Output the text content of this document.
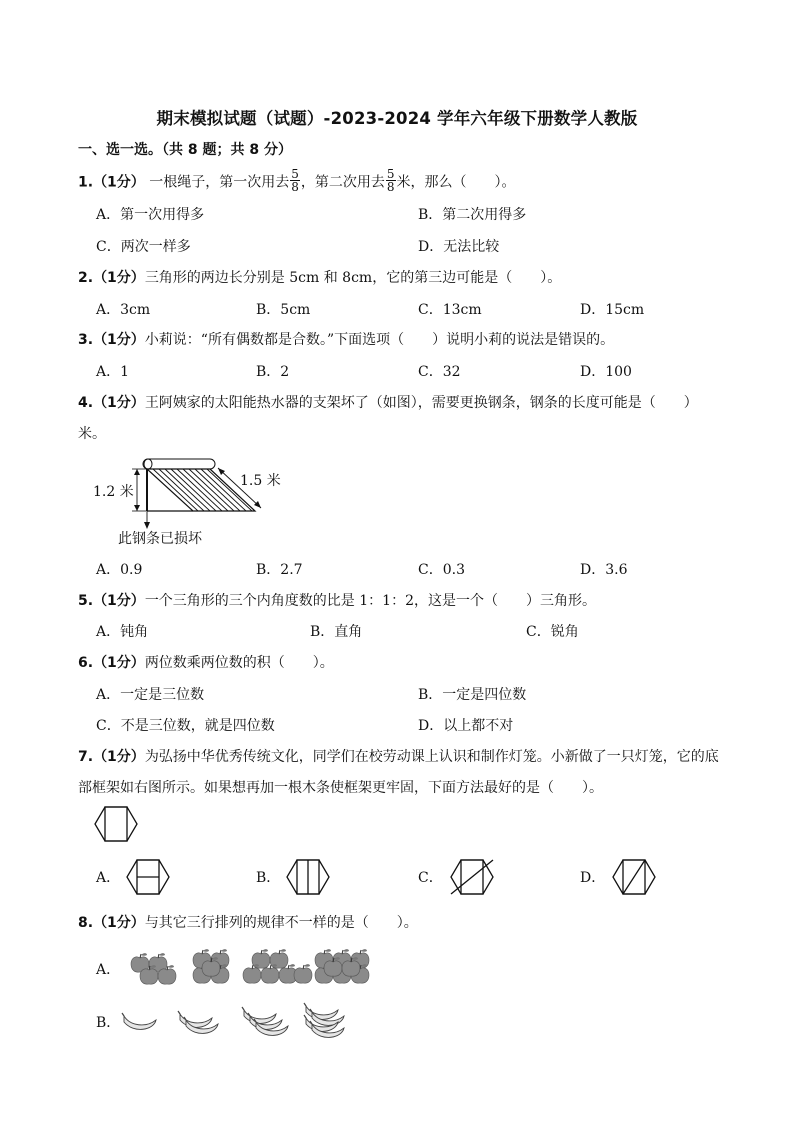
期末模拟试题（试题）-2023-2024 学年六年级下册数学人教版
一、选一选。（共 8 题；共 8 分）
1.（1分） 一根绳子，第一次用去 $\frac{5}{8}$ ，第二次用去 $\frac{5}{8}$ 米，那么（　　）。
A．第一次用得多	B．第二次用得多
C．两次一样多	D．无法比较
2.（1分）三角形的两边长分别是 5cm 和 8cm，它的第三边可能是（　　）。
A．3cm	B．5cm	C．13cm	D．15cm
3.（1分）小莉说：“所有偶数都是合数。”下面选项（　　）说明小莉的说法是错误的。
A．1	B．2	C．32	D．100
4.（1分）王阿姨家的太阳能热水器的支架坏了（如图），需要更换钢条，钢条的长度可能是（　　）
米。
1.2 米
1.5 米
此钢条已损坏
A．0.9	B．2.7	C．0.3	D．3.6
5.（1分）一个三角形的三个内角度数的比是 1：1：2，这是一个（　　）三角形。
A．钝角	B．直角	C．锐角
6.（1分）两位数乘两位数的积（　　）。
A．一定是三位数	B．一定是四位数
C．不是三位数，就是四位数	D．以上都不对
7.（1分）为弘扬中华优秀传统文化，同学们在校劳动课上认识和制作灯笼。小新做了一只灯笼，它的底
部框架如右图所示。如果想再加一根木条使框架更牢固，下面方法最好的是（　　）。
A．	B．	C．	D．
8.（1分）与其它三行排列的规律不一样的是（　　）。
A．
B．
